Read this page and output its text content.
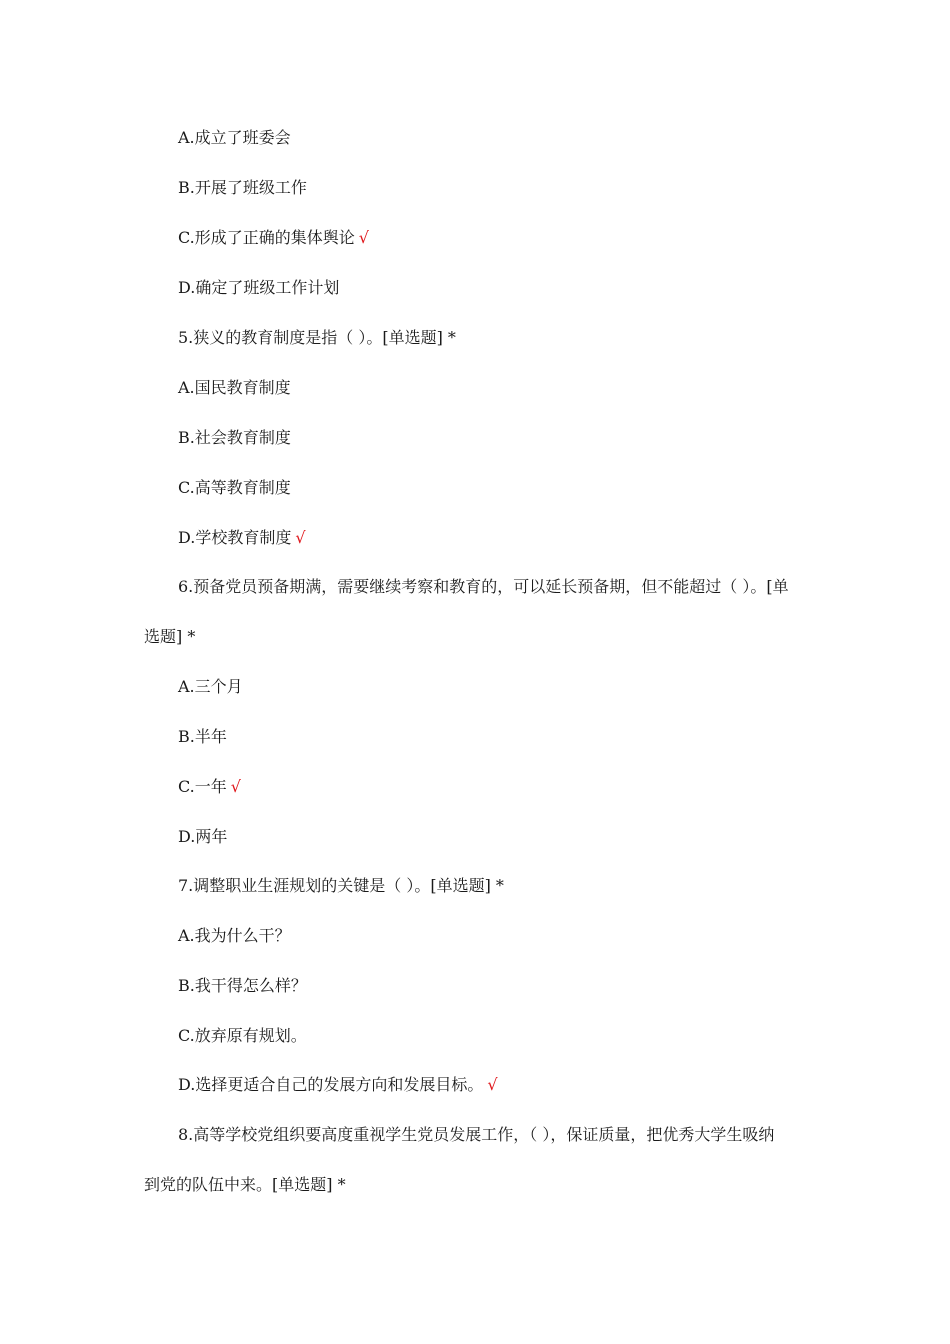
A.成立了班委会
B.开展了班级工作
C.形成了正确的集体舆论 √
D.确定了班级工作计划
5.狭义的教育制度是指（ ）。[单选题] *
A.国民教育制度
B.社会教育制度
C.高等教育制度
D.学校教育制度 √
6.预备党员预备期满，需要继续考察和教育的，可以延长预备期，但不能超过（ ）。[单
选题] *
A.三个月
B.半年
C.一年 √
D.两年
7.调整职业生涯规划的关键是（ ）。[单选题] *
A.我为什么干？
B.我干得怎么样？
C.放弃原有规划。
D.选择更适合自己的发展方向和发展目标。 √
8.高等学校党组织要高度重视学生党员发展工作，（ ），保证质量，把优秀大学生吸纳
到党的队伍中来。[单选题] *
